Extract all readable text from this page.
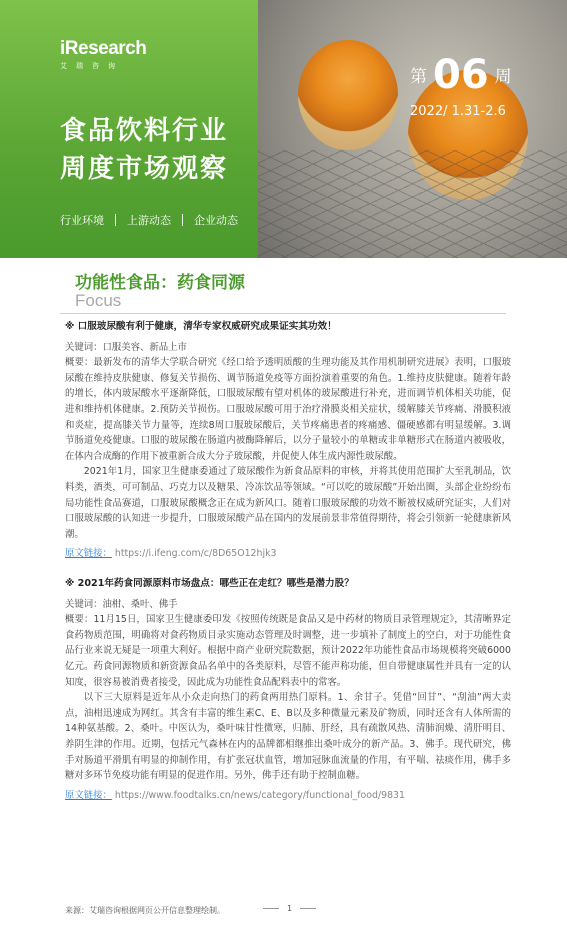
iResearch
艾瑞咨询
食品饮料行业
周度市场观察
第 06 周
2022/ 1.31-2.6
行业环境 上游动态 企业动态
功能性食品：药食同源
Focus
※ 口服玻尿酸有利于健康，清华专家权威研究成果证实其功效！

关键词：口服美容、新品上市

概要：最新发布的清华大学联合研究《经口给予透明质酸的生理功能及其作用机制研究进展》表明，口服玻尿酸在维持皮肤健康、修复关节损伤、调节肠道免疫等方面扮演着重要的角色。1.维持皮肤健康。随着年龄的增长，体内玻尿酸水平逐渐降低，口服玻尿酸有望对机体的玻尿酸进行补充，进而调节机体相关功能，促进和维持机体健康。2.预防关节损伤。口服玻尿酸可用于治疗滑膜炎相关症状，缓解膝关节疼痛、滑膜积液和炎症，提高膝关节力量等，连续8周口服玻尿酸后，关节疼痛患者的疼痛感、僵硬感都有明显缓解。3.调节肠道免疫健康。口服的玻尿酸在肠道内被酶降解后，以分子量较小的单糖或非单糖形式在肠道内被吸收，在体内合成酶的作用下被重新合成大分子玻尿酸，并促使人体生成内源性玻尿酸。

2021年1月，国家卫生健康委通过了玻尿酸作为新食品原料的审核，并将其使用范围扩大至乳制品，饮料类，酒类，可可制品、巧克力以及糖果、冷冻饮品等领域。“可以吃的玻尿酸”开始出圈，头部企业纷纷布局功能性食品赛道，口服玻尿酸概念正在成为新风口。随着口服玻尿酸的功效不断被权威研究证实，人们对口服玻尿酸的认知进一步提升，口服玻尿酸产品在国内的发展前景非常值得期待，将会引领新一轮健康新风潮。

原文链接： https://i.ifeng.com/c/8D65O12hjk3
※ 2021年药食同源原料市场盘点：哪些正在走红？哪些是潜力股？

关键词：油柑、桑叶、佛手

概要：11月15日，国家卫生健康委印发《按照传统既是食品又是中药材的物质目录管理规定》，其清晰界定食药物质范围，明确将对食药物质目录实施动态管理及时调整，进一步填补了制度上的空白，对于功能性食品行业来说无疑是一项重大利好。根据中商产业研究院数据，预计2022年功能性食品市场规模将突破6000亿元。药食同源物质和新资源食品名单中的各类原料，尽管不能声称功能，但自带健康属性并具有一定的认知度，很容易被消费者接受，因此成为功能性食品配料表中的常客。

以下三大原料是近年从小众走向热门的药食两用热门原料。1、余甘子。凭借“回甘”、“刮油”两大卖点，油柑迅速成为网红。其含有丰富的维生素C、E、B以及多种微量元素及矿物质，同时还含有人体所需的14种氨基酸。2、桑叶。中医认为，桑叶味甘性微寒，归肺、肝经，具有疏散风热、清肺润燥、清肝明目、养阴生津的作用。近期，包括元气森林在内的品牌都相继推出桑叶成分的新产品。3、佛手。现代研究，佛手对肠道平滑肌有明显的抑制作用，有扩张冠状血管，增加冠脉血流量的作用，有平喘、祛痰作用，佛手多糖对多环节免疫功能有明显的促进作用。另外，佛手还有助于控制血糖。

原文链接： https://www.foodtalks.cn/news/category/functional_food/9831
来源：艾瑞咨询根据网页公开信息整理绘制。	1
